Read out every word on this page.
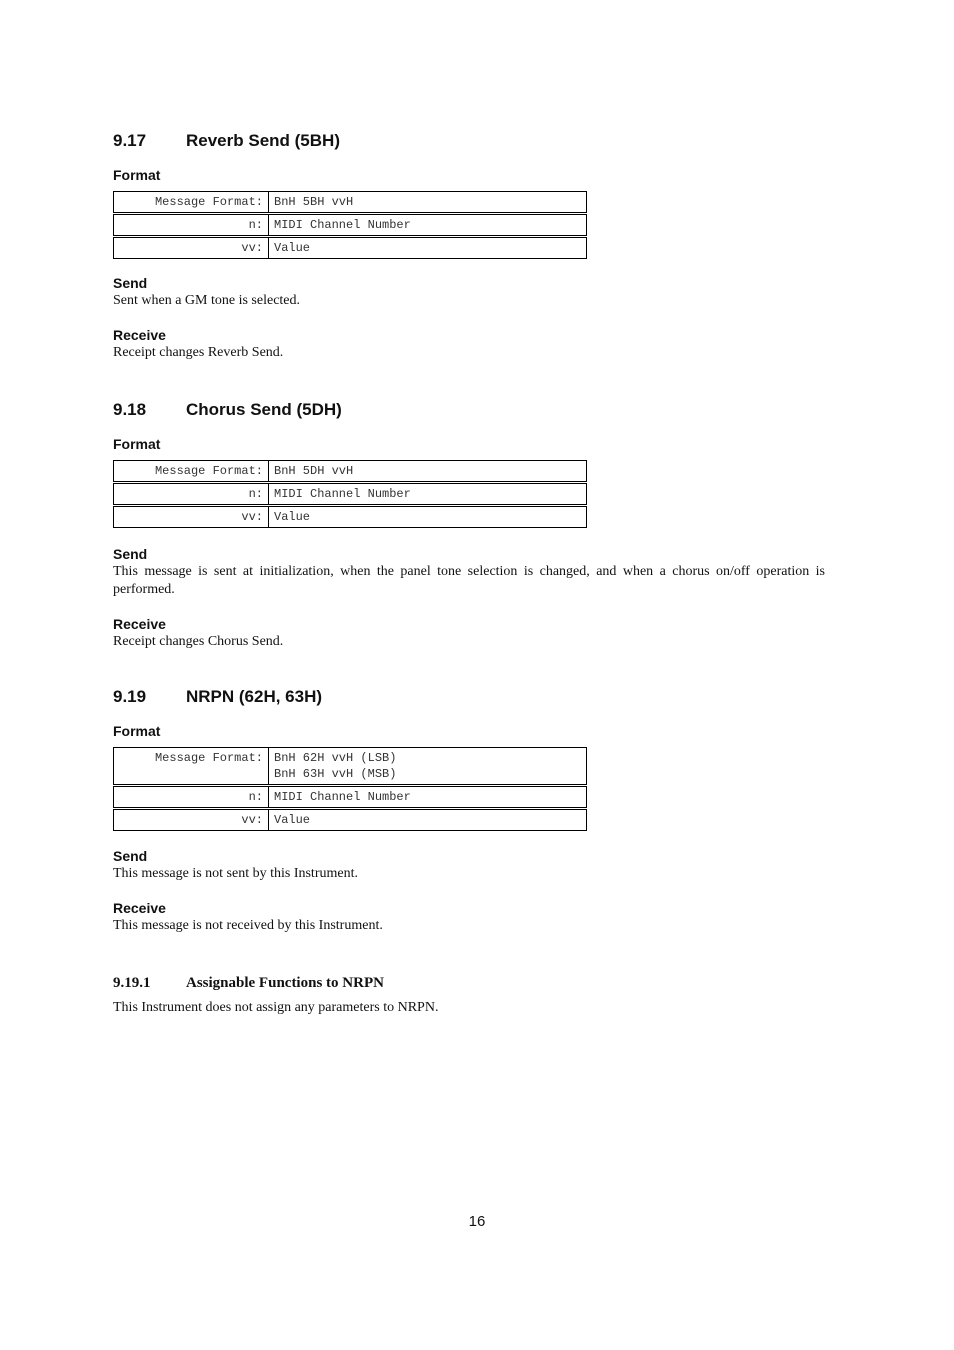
9.17 Reverb Send (5BH)

Format

Message Format:	BnH 5BH vvH
n:	MIDI Channel Number
vv:	Value

Send

Sent when a GM tone is selected.

Receive

Receipt changes Reverb Send.

9.18 Chorus Send (5DH)

Format

Message Format:	BnH 5DH vvH
n:	MIDI Channel Number
vv:	Value

Send

This message is sent at initialization, when the panel tone selection is changed, and when a chorus on/off operation is performed.

Receive

Receipt changes Chorus Send.

9.19 NRPN (62H, 63H)

Format

Message Format:	BnH 62H vvH (LSB)
BnH 63H vvH (MSB)

n:	MIDI Channel Number
vv:	Value

Send

This message is not sent by this Instrument.

Receive

This message is not received by this Instrument.

9.19.1 Assignable Functions to NRPN

This Instrument does not assign any parameters to NRPN.

16
